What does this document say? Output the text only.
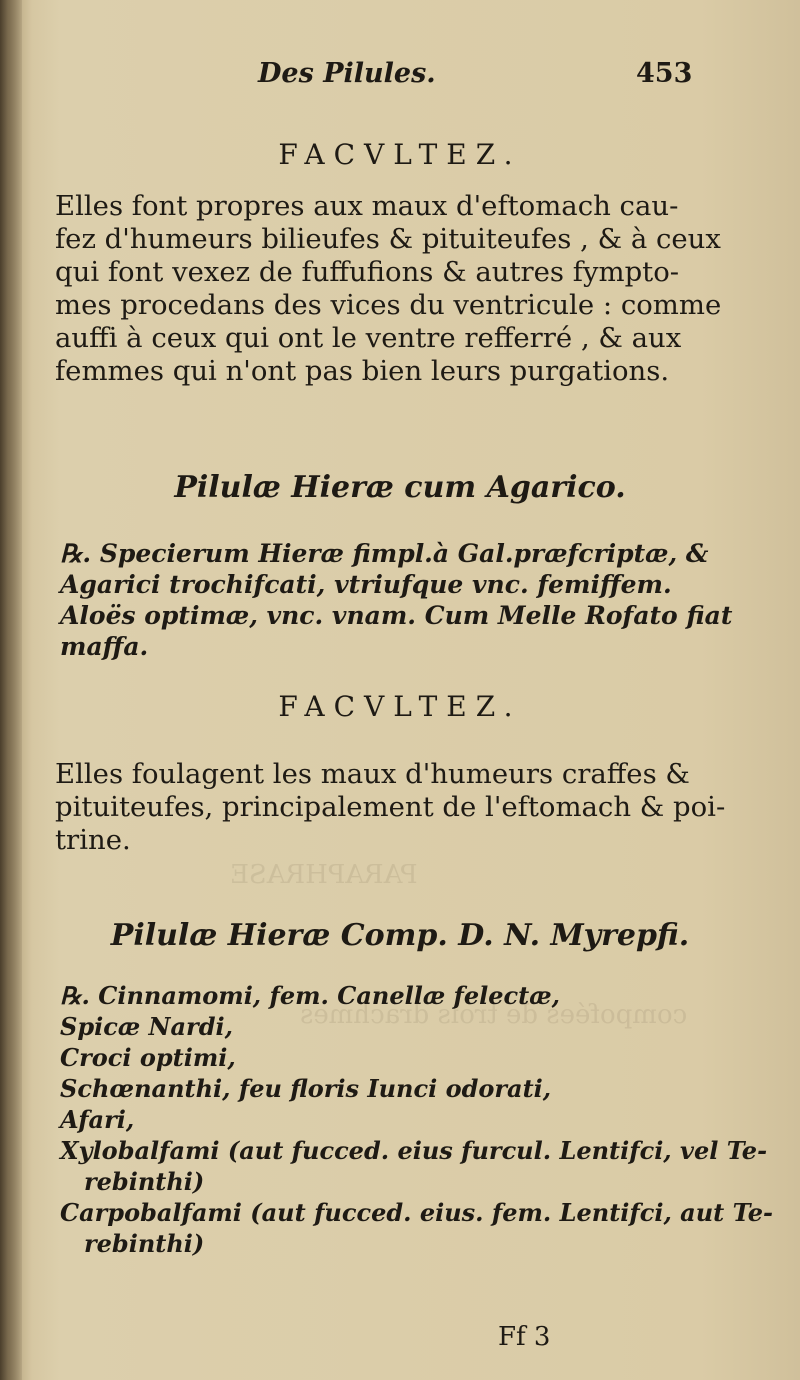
PARAPHRASE
compofées de trois drachmes
Des Pilules.	453
FACVLTEZ.
Elles font propres aux maux d'eftomach cau-
fez d'humeurs bilieufes & pituiteufes , & à ceux
qui font vexez de fuffufions & autres fympto-
mes procedans des vices du ventricule : comme
auffi à ceux qui ont le ventre refferré , & aux
femmes qui n'ont pas bien leurs purgations.
Pilulæ Hieræ cum Agarico.
℞. Specierum Hieræ fimpl.à Gal.præfcriptæ, &
Agarici trochifcati, vtriufque vnc. femiffem.
Aloës optimæ, vnc. vnam. Cum Melle Rofato fiat
maffa.
FACVLTEZ.
Elles foulagent les maux d'humeurs craffes &
pituiteufes, principalement de l'eftomach & poi-
trine.
Pilulæ Hieræ Comp. D. N. Myrepfi.
℞. Cinnamomi, fem. Canellæ felectæ,
Spicæ Nardi,
Croci optimi,
Schœnanthi, feu floris Iunci odorati,
Afari,
Xylobalfami (aut fucced. eius furcul. Lentifci, vel Te-
rebinthi)
Carpobalfami (aut fucced. eius. fem. Lentifci, aut Te-
rebinthi)
Ff 3
